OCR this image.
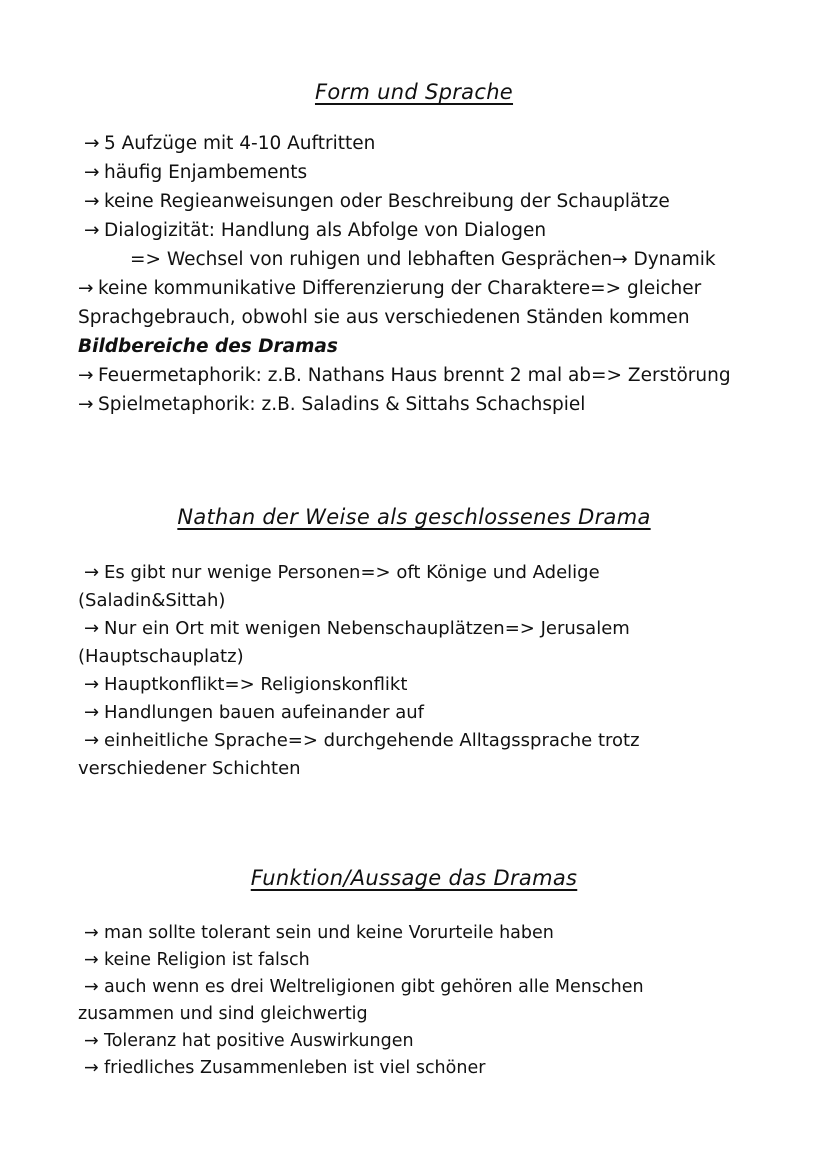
Form und Sprache
→ 5 Aufzüge mit 4-10 Auftritten
→ häufig Enjambements
→ keine Regieanweisungen oder Beschreibung der Schauplätze
→ Dialogizität: Handlung als Abfolge von Dialogen
=> Wechsel von ruhigen und lebhaften Gesprächen→ Dynamik
→ keine kommunikative Differenzierung der Charaktere=> gleicher
Sprachgebrauch, obwohl sie aus verschiedenen Ständen kommen
Bildbereiche des Dramas
→ Feuermetaphorik: z.B. Nathans Haus brennt 2 mal ab=> Zerstörung
→ Spielmetaphorik: z.B. Saladins & Sittahs Schachspiel
Nathan der Weise als geschlossenes Drama
→ Es gibt nur wenige Personen=> oft Könige und Adelige
(Saladin&Sittah)
→ Nur ein Ort mit wenigen Nebenschauplätzen=> Jerusalem
(Hauptschauplatz)
→ Hauptkonflikt=> Religionskonflikt
→ Handlungen bauen aufeinander auf
→ einheitliche Sprache=> durchgehende Alltagssprache trotz
verschiedener Schichten
Funktion/Aussage das Dramas
→ man sollte tolerant sein und keine Vorurteile haben
→ keine Religion ist falsch
→ auch wenn es drei Weltreligionen gibt gehören alle Menschen
zusammen und sind gleichwertig
→ Toleranz hat positive Auswirkungen
→ friedliches Zusammenleben ist viel schöner
